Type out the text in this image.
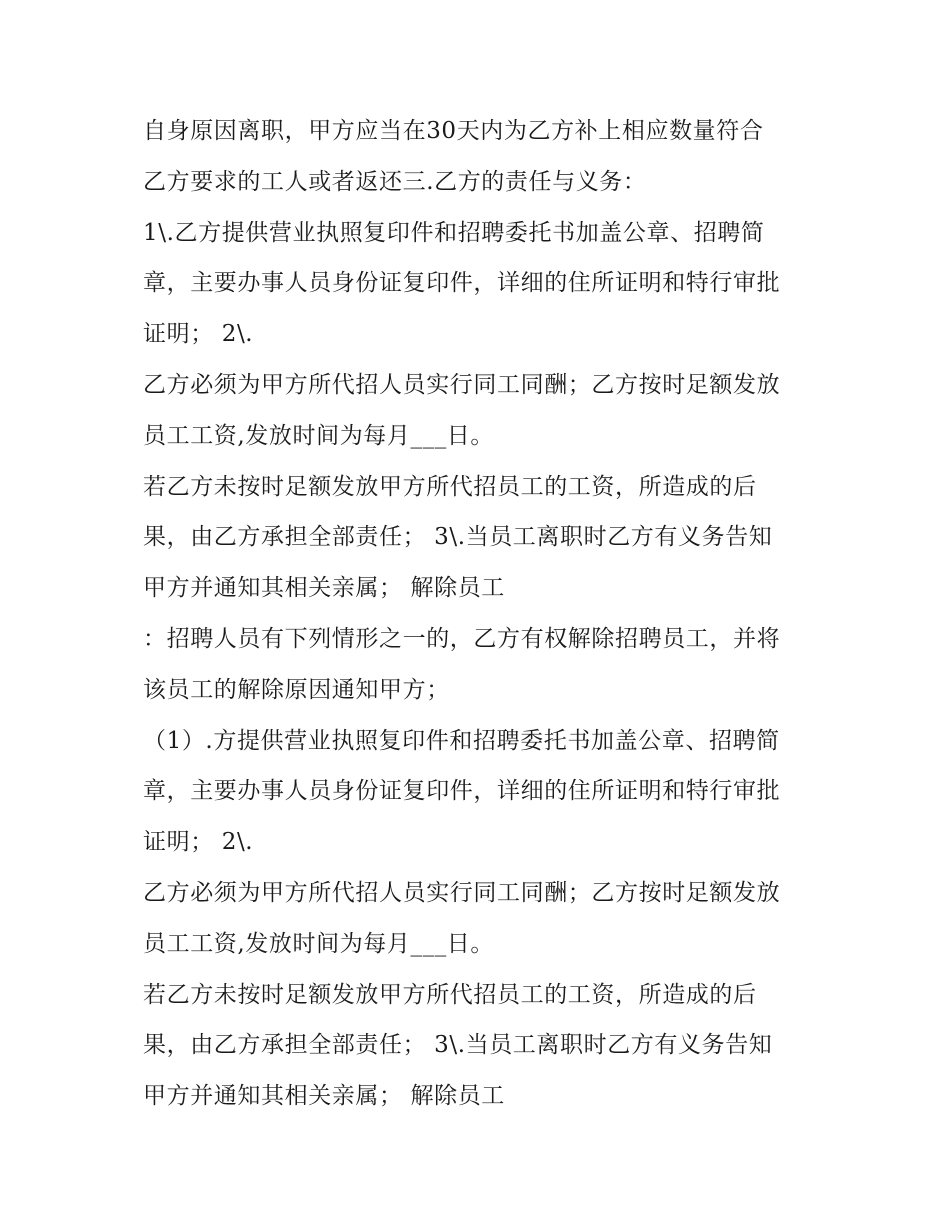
自身原因离职，甲方应当在30天内为乙方补上相应数量符合
乙方要求的工人或者返还三.乙方的责任与义务：
1\.乙方提供营业执照复印件和招聘委托书加盖公章、招聘简
章，主要办事人员身份证复印件，详细的住所证明和特行审批
证明； 2\.
乙方必须为甲方所代招人员实行同工同酬；乙方按时足额发放
员工工资,发放时间为每月___日。
若乙方未按时足额发放甲方所代招员工的工资，所造成的后
果，由乙方承担全部责任； 3\.当员工离职时乙方有义务告知
甲方并通知其相关亲属； 解除员工
：招聘人员有下列情形之一的，乙方有权解除招聘员工，并将
该员工的解除原因通知甲方；
（1）.方提供营业执照复印件和招聘委托书加盖公章、招聘简
章，主要办事人员身份证复印件，详细的住所证明和特行审批
证明； 2\.
乙方必须为甲方所代招人员实行同工同酬；乙方按时足额发放
员工工资,发放时间为每月___日。
若乙方未按时足额发放甲方所代招员工的工资，所造成的后
果，由乙方承担全部责任； 3\.当员工离职时乙方有义务告知
甲方并通知其相关亲属； 解除员工
